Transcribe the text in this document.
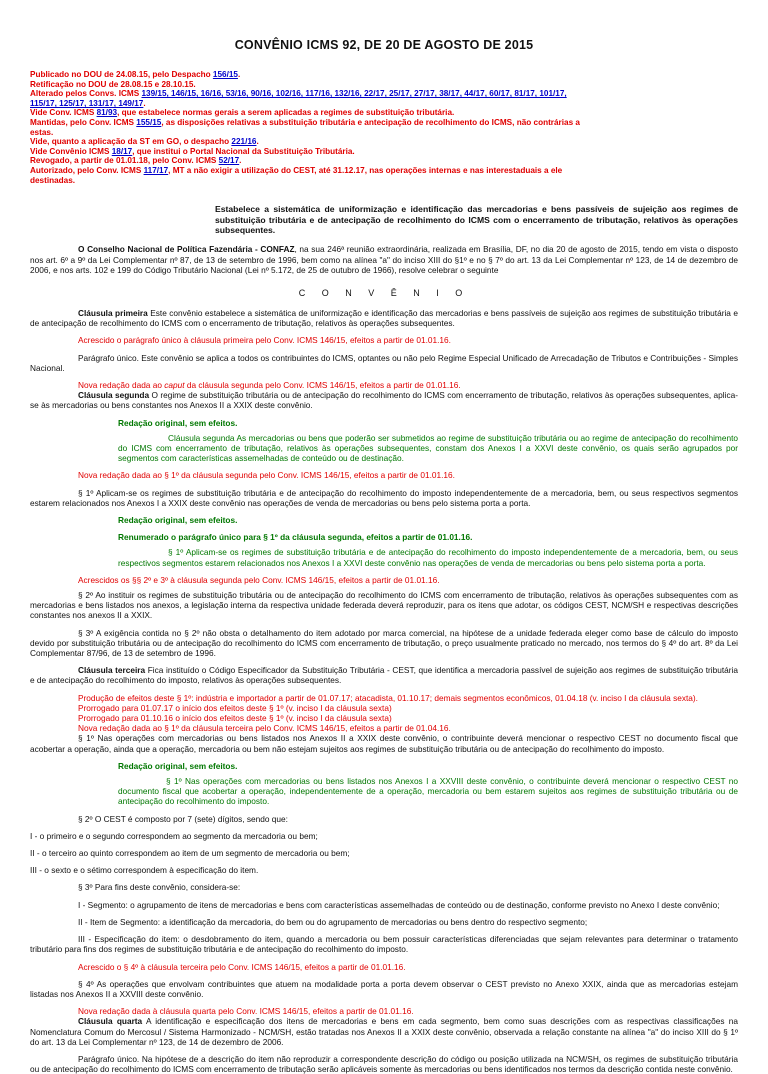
CONVÊNIO ICMS 92, DE 20 DE AGOSTO DE 2015
Publicado no DOU de 24.08.15, pelo Despacho 156/15.
Retificação no DOU de 28.08.15 e 28.10.15.
Alterado pelos Convs. ICMS 139/15, 146/15, 16/16, 53/16, 90/16, 102/16, 117/16, 132/16, 22/17, 25/17, 27/17, 38/17, 44/17, 60/17, 81/17, 101/17,
115/17, 125/17, 131/17, 149/17.
Vide Conv. ICMS 81/93, que estabelece normas gerais a serem aplicadas a regimes de substituição tributária.
Mantidas, pelo Conv. ICMS 155/15, as disposições relativas a substituição tributária e antecipação de recolhimento do ICMS, não contrárias a
estas.
Vide, quanto a aplicação da ST em GO, o despacho 221/16.
Vide Convênio ICMS 18/17, que institui o Portal Nacional da Substituição Tributária.
Revogado, a partir de 01.01.18, pelo Conv. ICMS 52/17.
Autorizado, pelo Conv. ICMS 117/17, MT a não exigir a utilização do CEST, até 31.12.17, nas operações internas e nas interestaduais a ele
destinadas.
Estabelece a sistemática de uniformização e identificação das mercadorias e bens passíveis de sujeição aos regimes de substituição tributária e de antecipação de recolhimento do ICMS com o encerramento de tributação, relativos às operações subsequentes.

O Conselho Nacional de Política Fazendária - CONFAZ, na sua 246ª reunião extraordinária, realizada em Brasília, DF, no dia 20 de agosto de 2015, tendo em vista o disposto nos art. 6º a 9º da Lei Complementar nº 87, de 13 de setembro de 1996, bem como na alínea "a" do inciso XIII do §1º e no § 7º do art. 13 da Lei Complementar nº 123, de 14 de dezembro de 2006, e nos arts. 102 e 199 do Código Tributário Nacional (Lei nº 5.172, de 25 de outubro de 1966), resolve celebrar o seguinte

C O N V Ê N I O

Cláusula primeira Este convênio estabelece a sistemática de uniformização e identificação das mercadorias e bens passíveis de sujeição aos regimes de substituição tributária e de antecipação de recolhimento do ICMS com o encerramento de tributação, relativos às operações subsequentes.

Acrescido o parágrafo único à cláusula primeira pelo Conv. ICMS 146/15, efeitos a partir de 01.01.16.

Parágrafo único. Este convênio se aplica a todos os contribuintes do ICMS, optantes ou não pelo Regime Especial Unificado de Arrecadação de Tributos e Contribuições - Simples Nacional.

Nova redação dada ao caput da cláusula segunda pelo Conv. ICMS 146/15, efeitos a partir de 01.01.16.

Cláusula segunda O regime de substituição tributária ou de antecipação do recolhimento do ICMS com encerramento de tributação, relativos às operações subsequentes, aplica-se às mercadorias ou bens constantes nos Anexos II a XXIX deste convênio.

Redação original, sem efeitos.

Cláusula segunda As mercadorias ou bens que poderão ser submetidos ao regime de substituição tributária ou ao regime de antecipação do recolhimento do ICMS com encerramento de tributação, relativos às operações subsequentes, constam dos Anexos I a XXVI deste convênio, os quais serão agrupados por segmentos com características assemelhadas de conteúdo ou de destinação.

Nova redação dada ao § 1º da cláusula segunda pelo Conv. ICMS 146/15, efeitos a partir de 01.01.16.

§ 1º Aplicam-se os regimes de substituição tributária e de antecipação do recolhimento do imposto independentemente de a mercadoria, bem, ou seus respectivos segmentos estarem relacionados nos Anexos I a XXIX deste convênio nas operações de venda de mercadorias ou bens pelo sistema porta a porta.

Redação original, sem efeitos.

Renumerado o parágrafo único para § 1º da cláusula segunda, efeitos a partir de 01.01.16.

§ 1º Aplicam-se os regimes de substituição tributária e de antecipação do recolhimento do imposto independentemente de a mercadoria, bem, ou seus respectivos segmentos estarem relacionados nos Anexos I a XXVI deste convênio nas operações de venda de mercadorias ou bens pelo sistema porta a porta.

Acrescidos os §§ 2º e 3º à cláusula segunda pelo Conv. ICMS 146/15, efeitos a partir de 01.01.16.

§ 2º Ao instituir os regimes de substituição tributária ou de antecipação do recolhimento do ICMS com encerramento de tributação, relativos às operações subsequentes com as mercadorias e bens listados nos anexos, a legislação interna da respectiva unidade federada deverá reproduzir, para os itens que adotar, os códigos CEST, NCM/SH e respectivas descrições constantes nos anexos II a XXIX.

§ 3º A exigência contida no § 2º não obsta o detalhamento do item adotado por marca comercial, na hipótese de a unidade federada eleger como base de cálculo do imposto devido por substituição tributária ou de antecipação do recolhimento do ICMS com encerramento de tributação, o preço usualmente praticado no mercado, nos termos do § 4º do art. 8º da Lei Complementar 87/96, de 13 de setembro de 1996.

Cláusula terceira Fica instituído o Código Especificador da Substituição Tributária - CEST, que identifica a mercadoria passível de sujeição aos regimes de substituição tributária e de antecipação do recolhimento do imposto, relativos às operações subsequentes.

Produção de efeitos deste § 1º: indústria e importador a partir de 01.07.17; atacadista, 01.10.17; demais segmentos econômicos, 01.04.18 (v. inciso I da cláusula sexta).

Prorrogado para 01.07.17 o início dos efeitos deste § 1º (v. inciso I da cláusula sexta)

Prorrogado para 01.10.16 o início dos efeitos deste § 1º (v. inciso I da cláusula sexta)

Nova redação dada ao § 1º da cláusula terceira pelo Conv. ICMS 146/15, efeitos a partir de 01.04.16.

§ 1º Nas operações com mercadorias ou bens listados nos Anexos II a XXIX deste convênio, o contribuinte deverá mencionar o respectivo CEST no documento fiscal que acobertar a operação, ainda que a operação, mercadoria ou bem não estejam sujeitos aos regimes de substituição tributária ou de antecipação do recolhimento do imposto.

Redação original, sem efeitos.

§ 1º Nas operações com mercadorias ou bens listados nos Anexos I a XXVIII deste convênio, o contribuinte deverá mencionar o respectivo CEST no documento fiscal que acobertar a operação, independentemente de a operação, mercadoria ou bem estarem sujeitos aos regimes de substituição tributária ou de antecipação do recolhimento do imposto.

§ 2º O CEST é composto por 7 (sete) dígitos, sendo que:

I - o primeiro e o segundo correspondem ao segmento da mercadoria ou bem;

II - o terceiro ao quinto correspondem ao item de um segmento de mercadoria ou bem;

III - o sexto e o sétimo correspondem à especificação do item.

§ 3º Para fins deste convênio, considera-se:

I - Segmento: o agrupamento de itens de mercadorias e bens com características assemelhadas de conteúdo ou de destinação, conforme previsto no Anexo I deste convênio;

II - Item de Segmento: a identificação da mercadoria, do bem ou do agrupamento de mercadorias ou bens dentro do respectivo segmento;

III - Especificação do item: o desdobramento do item, quando a mercadoria ou bem possuir características diferenciadas que sejam relevantes para determinar o tratamento tributário para fins dos regimes de substituição tributária e de antecipação do recolhimento do imposto.

Acrescido o § 4º à cláusula terceira pelo Conv. ICMS 146/15, efeitos a partir de 01.01.16.

§ 4º As operações que envolvam contribuintes que atuem na modalidade porta a porta devem observar o CEST previsto no Anexo XXIX, ainda que as mercadorias estejam listadas nos Anexos II a XXVIII deste convênio.

Nova redação dada à cláusula quarta pelo Conv. ICMS 146/15, efeitos a partir de 01.01.16.

Cláusula quarta A identificação e especificação dos itens de mercadorias e bens em cada segmento, bem como suas descrições com as respectivas classificações na Nomenclatura Comum do Mercosul / Sistema Harmonizado - NCM/SH, estão tratadas nos Anexos II a XXIX deste convênio, observada a relação constante na alínea "a" do inciso XIII do § 1º do art. 13 da Lei Complementar nº 123, de 14 de dezembro de 2006.

Parágrafo único. Na hipótese de a descrição do item não reproduzir a correspondente descrição do código ou posição utilizada na NCM/SH, os regimes de substituição tributária ou de antecipação do recolhimento do ICMS com encerramento de tributação serão aplicáveis somente às mercadorias ou bens identificados nos termos da descrição contida neste convênio.
